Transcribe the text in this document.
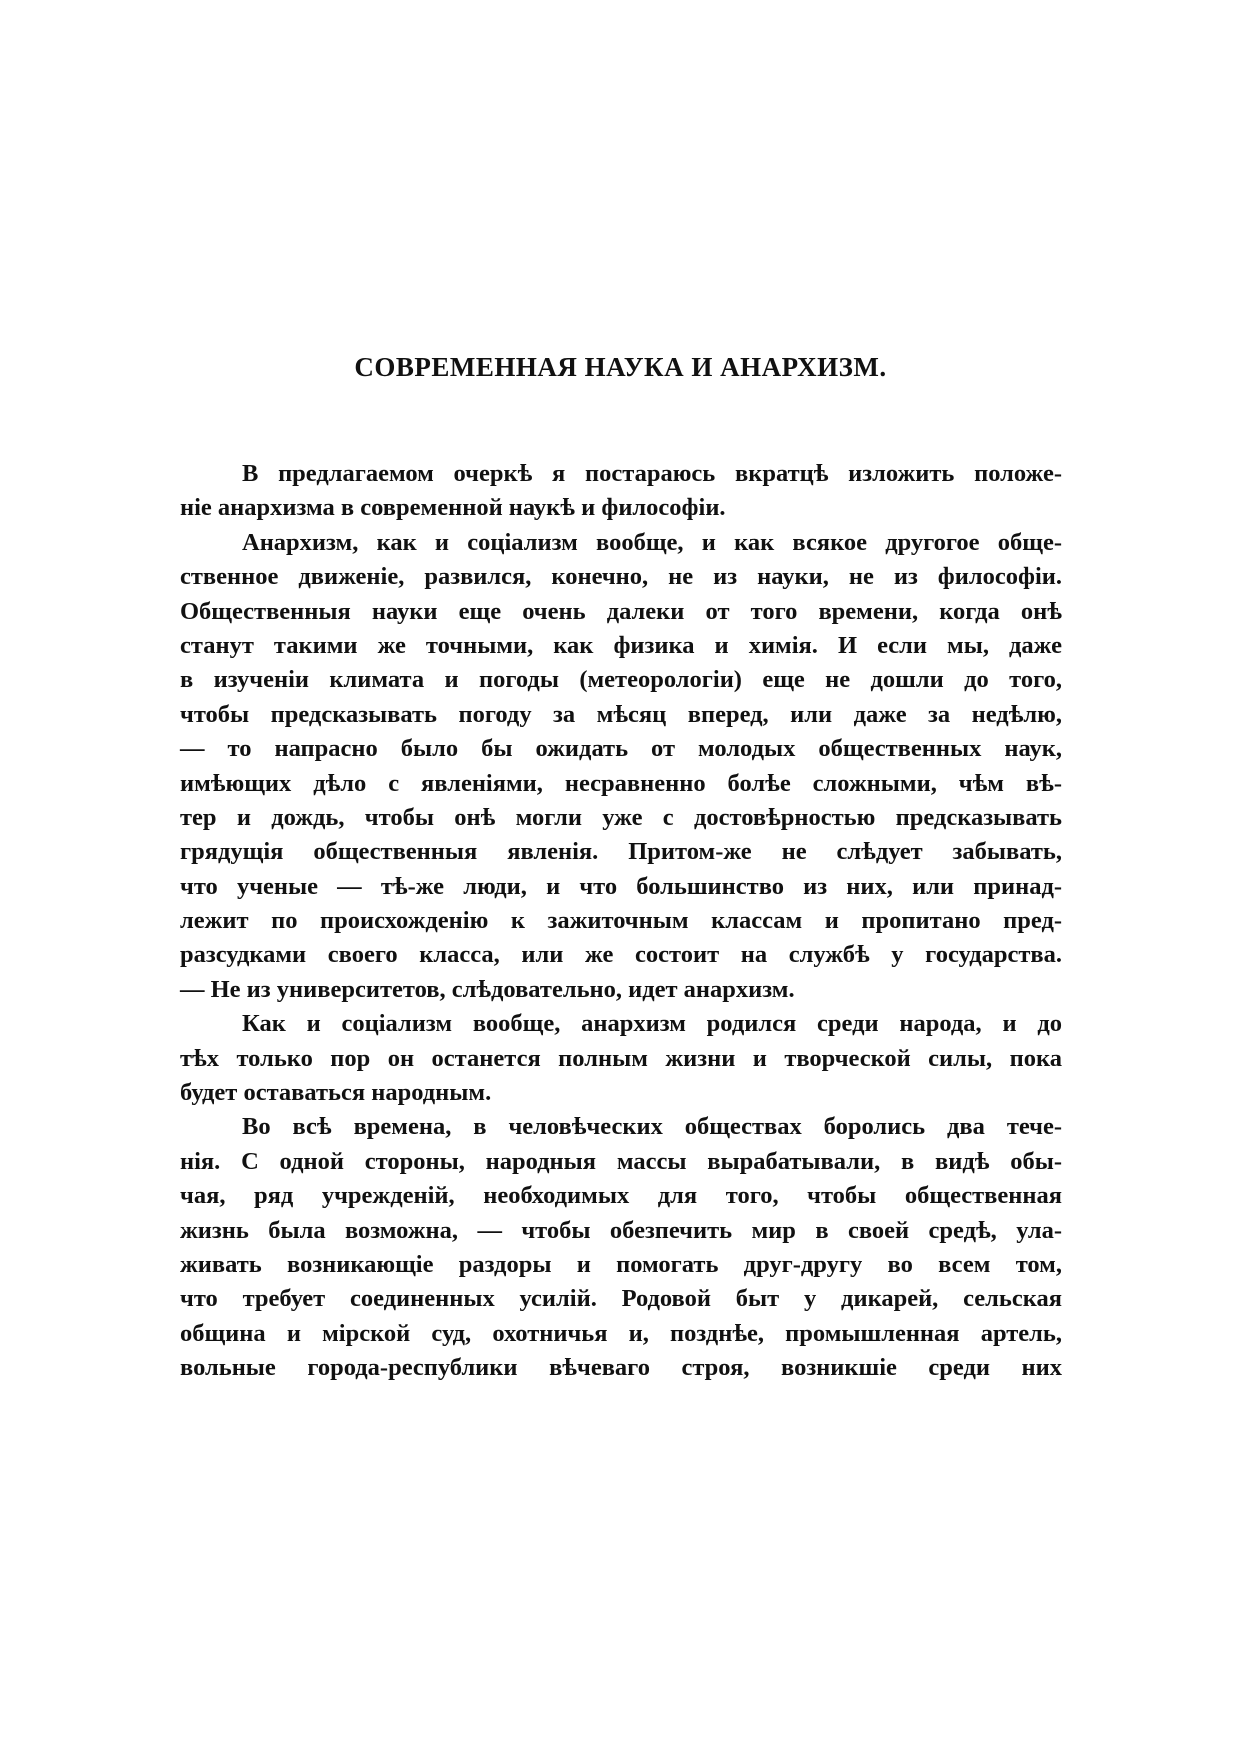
СОВРЕМЕННАЯ НАУКА И АНАРХИЗМ.
В предлагаемом очеркѣ я постараюсь вкратцѣ изложить положе-
ніе анархизма в современной наукѣ и философіи.
Анархизм, как и соціализм вообще, и как всякое другогое обще-
ственное движеніе, развился, конечно, не из науки, не из философіи.
Общественныя науки еще очень далеки от того времени, когда онѣ
станут такими же точными, как физика и химія. И если мы, даже
в изученіи климата и погоды (метеорологіи) еще не дошли до того,
чтобы предсказывать погоду за мѣсяц вперед, или даже за недѣлю,
— то напрасно было бы ожидать от молодых общественных наук,
имѣющих дѣло с явленіями, несравненно болѣе сложными, чѣм вѣ-
тер и дождь, чтобы онѣ могли уже с достовѣрностью предсказывать
грядущія общественныя явленія. Притом-же не слѣдует забывать,
что ученые — тѣ-же люди, и что большинство из них, или принад-
лежит по происхожденію к зажиточным классам и пропитано пред-
разсудками своего класса, или же состоит на службѣ у государства.
— Не из университетов, слѣдовательно, идет анархизм.
Как и соціализм вообще, анархизм родился среди народа, и до
тѣх только пор он останется полным жизни и творческой силы, пока
будет оставаться народным.
Во всѣ времена, в человѣческих обществах боролись два тече-
нія. С одной стороны, народныя массы вырабатывали, в видѣ обы-
чая, ряд учрежденій, необходимых для того, чтобы общественная
жизнь была возможна, — чтобы обезпечить мир в своей средѣ, ула-
живать возникающіе раздоры и помогать друг-другу во всем том,
что требует соединенных усилій. Родовой быт у дикарей, сельская
община и мірской суд, охотничья и, позднѣе, промышленная артель,
вольные города-республики вѣчеваго строя, возникшіе среди них
